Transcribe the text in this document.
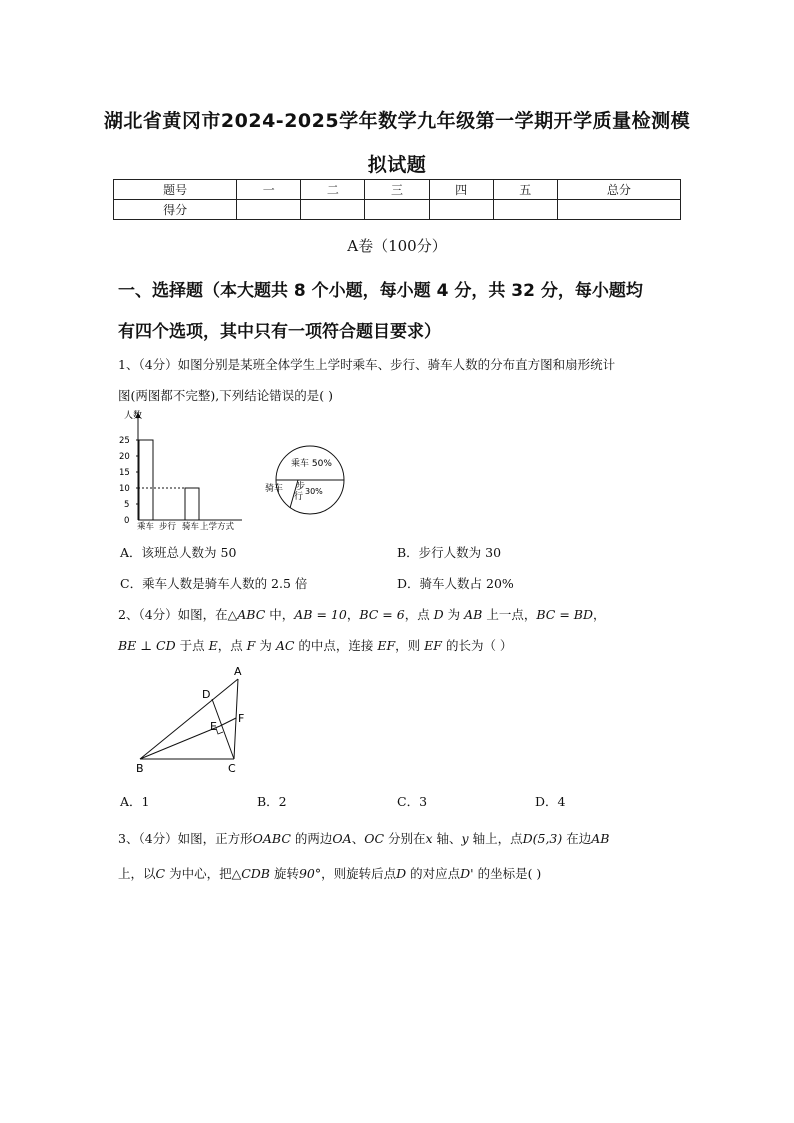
湖北省黄冈市2024-2025学年数学九年级第一学期开学质量检测模
拟试题
题号	一	二	三	四	五	总分
得分						
A卷（100分）
一、选择题（本大题共 8 个小题，每小题 4 分，共 32 分，每小题均
有四个选项，其中只有一项符合题目要求）
1、（4分）如图分别是某班全体学生上学时乘车、步行、骑车人数的分布直方图和扇形统计
图(两图都不完整),下列结论错误的是( )
人数
0
5
10
15
20
25
乘车 步行 骑车 上学方式
乘车 50%
骑车 步
行
30%
A．该班总人数为 50	B．步行人数为 30
C．乘车人数是骑车人数的 2.5 倍	D．骑车人数占 20%
2、（4分）如图，在△ABC 中，AB = 10，BC = 6，点 D 为 AB 上一点，BC = BD，
BE ⊥ CD 于点 E，点 F 为 AC 的中点，连接 EF，则 EF 的长为（ ）
A
B	C
D
E
F
A．1	B．2	C．3	D．4
3、（4分）如图，正方形OABC 的两边OA、OC 分别在x 轴、y 轴上，点D(5,3) 在边AB
上，以C 为中心，把△CDB 旋转90°，则旋转后点D 的对应点D' 的坐标是( )
